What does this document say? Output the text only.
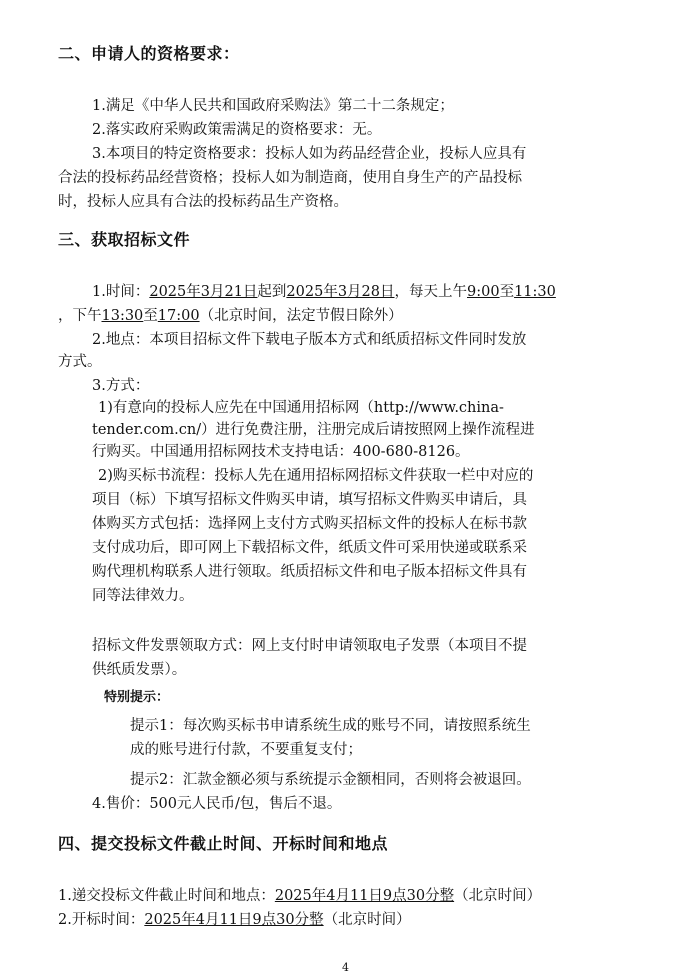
二、申请人的资格要求：
1.满足《中华人民共和国政府采购法》第二十二条规定；
2.落实政府采购政策需满足的资格要求：无。
3.本项目的特定资格要求：投标人如为药品经营企业，投标人应具有
合法的投标药品经营资格；投标人如为制造商，使用自身生产的产品投标
时，投标人应具有合法的投标药品生产资格。
三、获取招标文件
1.时间：2025年3月21日起到2025年3月28日，每天上午9:00至11:30
，下午13:30至17:00（北京时间，法定节假日除外）
2.地点：本项目招标文件下载电子版本方式和纸质招标文件同时发放
方式。
3.方式：
1)有意向的投标人应先在中国通用招标网（http://www.china-
tender.com.cn/）进行免费注册，注册完成后请按照网上操作流程进
行购买。中国通用招标网技术支持电话：400-680-8126。
2)购买标书流程：投标人先在通用招标网招标文件获取一栏中对应的
项目（标）下填写招标文件购买申请，填写招标文件购买申请后，具
体购买方式包括：选择网上支付方式购买招标文件的投标人在标书款
支付成功后，即可网上下载招标文件，纸质文件可采用快递或联系采
购代理机构联系人进行领取。纸质招标文件和电子版本招标文件具有
同等法律效力。
招标文件发票领取方式：网上支付时申请领取电子发票（本项目不提
供纸质发票）。
特别提示：
提示1：每次购买标书申请系统生成的账号不同，请按照系统生
成的账号进行付款，不要重复支付；
提示2：汇款金额必须与系统提示金额相同，否则将会被退回。
4.售价：500元人民币/包，售后不退。
四、提交投标文件截止时间、开标时间和地点
1.递交投标文件截止时间和地点：2025年4月11日9点30分整（北京时间）
2.开标时间：2025年4月11日9点30分整（北京时间）
4
